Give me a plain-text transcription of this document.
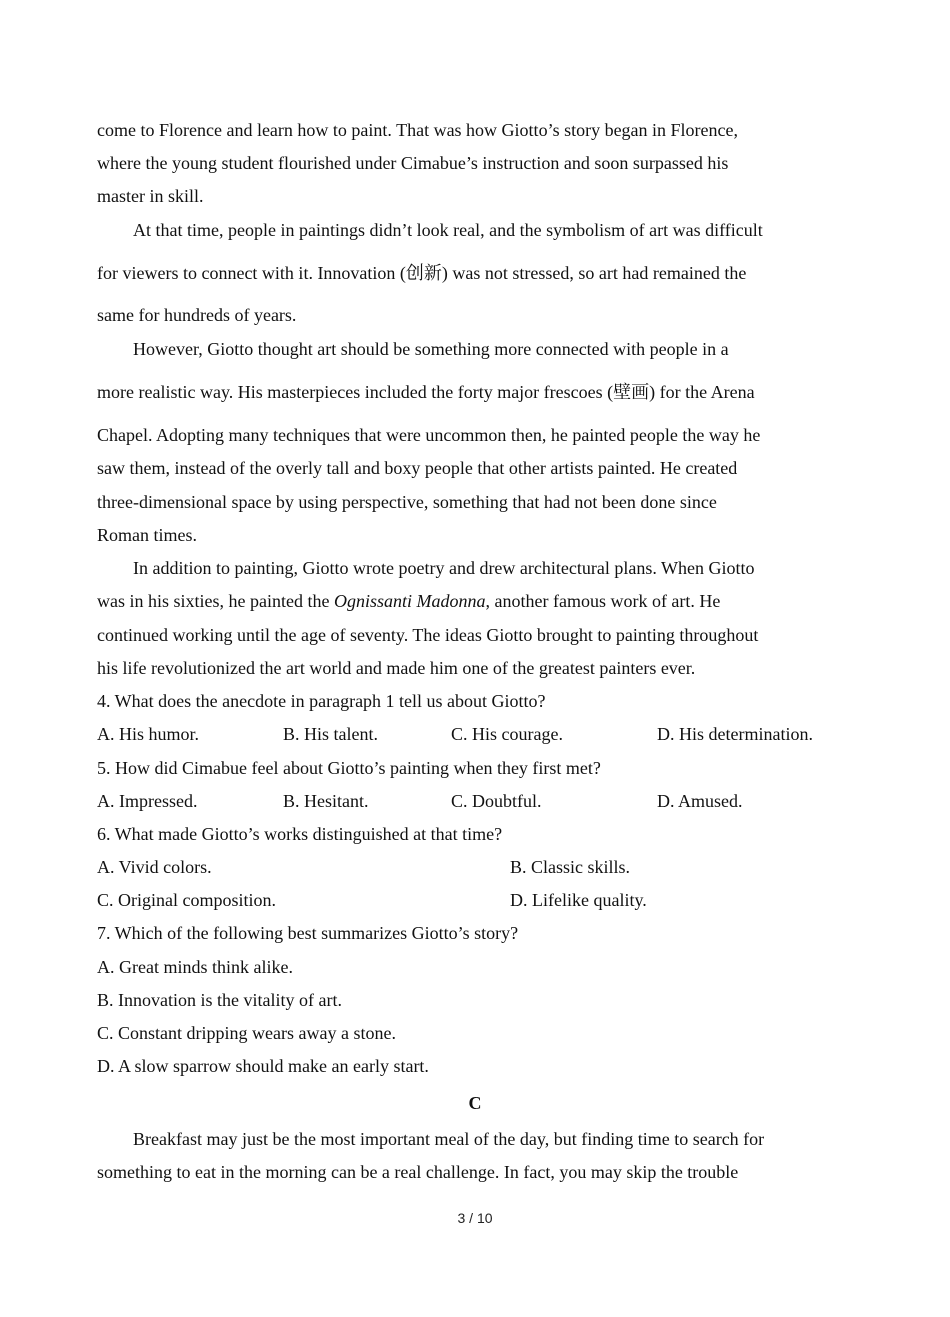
come to Florence and learn how to paint. That was how Giotto’s story began in Florence,
where the young student flourished under Cimabue’s instruction and soon surpassed his
master in skill.
At that time, people in paintings didn’t look real, and the symbolism of art was difficult
for viewers to connect with it. Innovation (创新) was not stressed, so art had remained the
same for hundreds of years.
However, Giotto thought art should be something more connected with people in a
more realistic way. His masterpieces included the forty major frescoes (壁画) for the Arena
Chapel. Adopting many techniques that were uncommon then, he painted people the way he
saw them, instead of the overly tall and boxy people that other artists painted. He created
three-dimensional space by using perspective, something that had not been done since
Roman times.
In addition to painting, Giotto wrote poetry and drew architectural plans. When Giotto
was in his sixties, he painted the Ognissanti Madonna, another famous work of art. He
continued working until the age of seventy. The ideas Giotto brought to painting throughout
his life revolutionized the art world and made him one of the greatest painters ever.
4. What does the anecdote in paragraph 1 tell us about Giotto?
A. His humor.	B. His talent.	C. His courage.	D. His determination.
5. How did Cimabue feel about Giotto’s painting when they first met?
A. Impressed.	B. Hesitant.	C. Doubtful.	D. Amused.
6. What made Giotto’s works distinguished at that time?
A. Vivid colors.	B. Classic skills.
C. Original composition.	D. Lifelike quality.
7. Which of the following best summarizes Giotto’s story?
A. Great minds think alike.
B. Innovation is the vitality of art.
C. Constant dripping wears away a stone.
D. A slow sparrow should make an early start.
C
Breakfast may just be the most important meal of the day, but finding time to search for
something to eat in the morning can be a real challenge. In fact, you may skip the trouble
3 / 10
